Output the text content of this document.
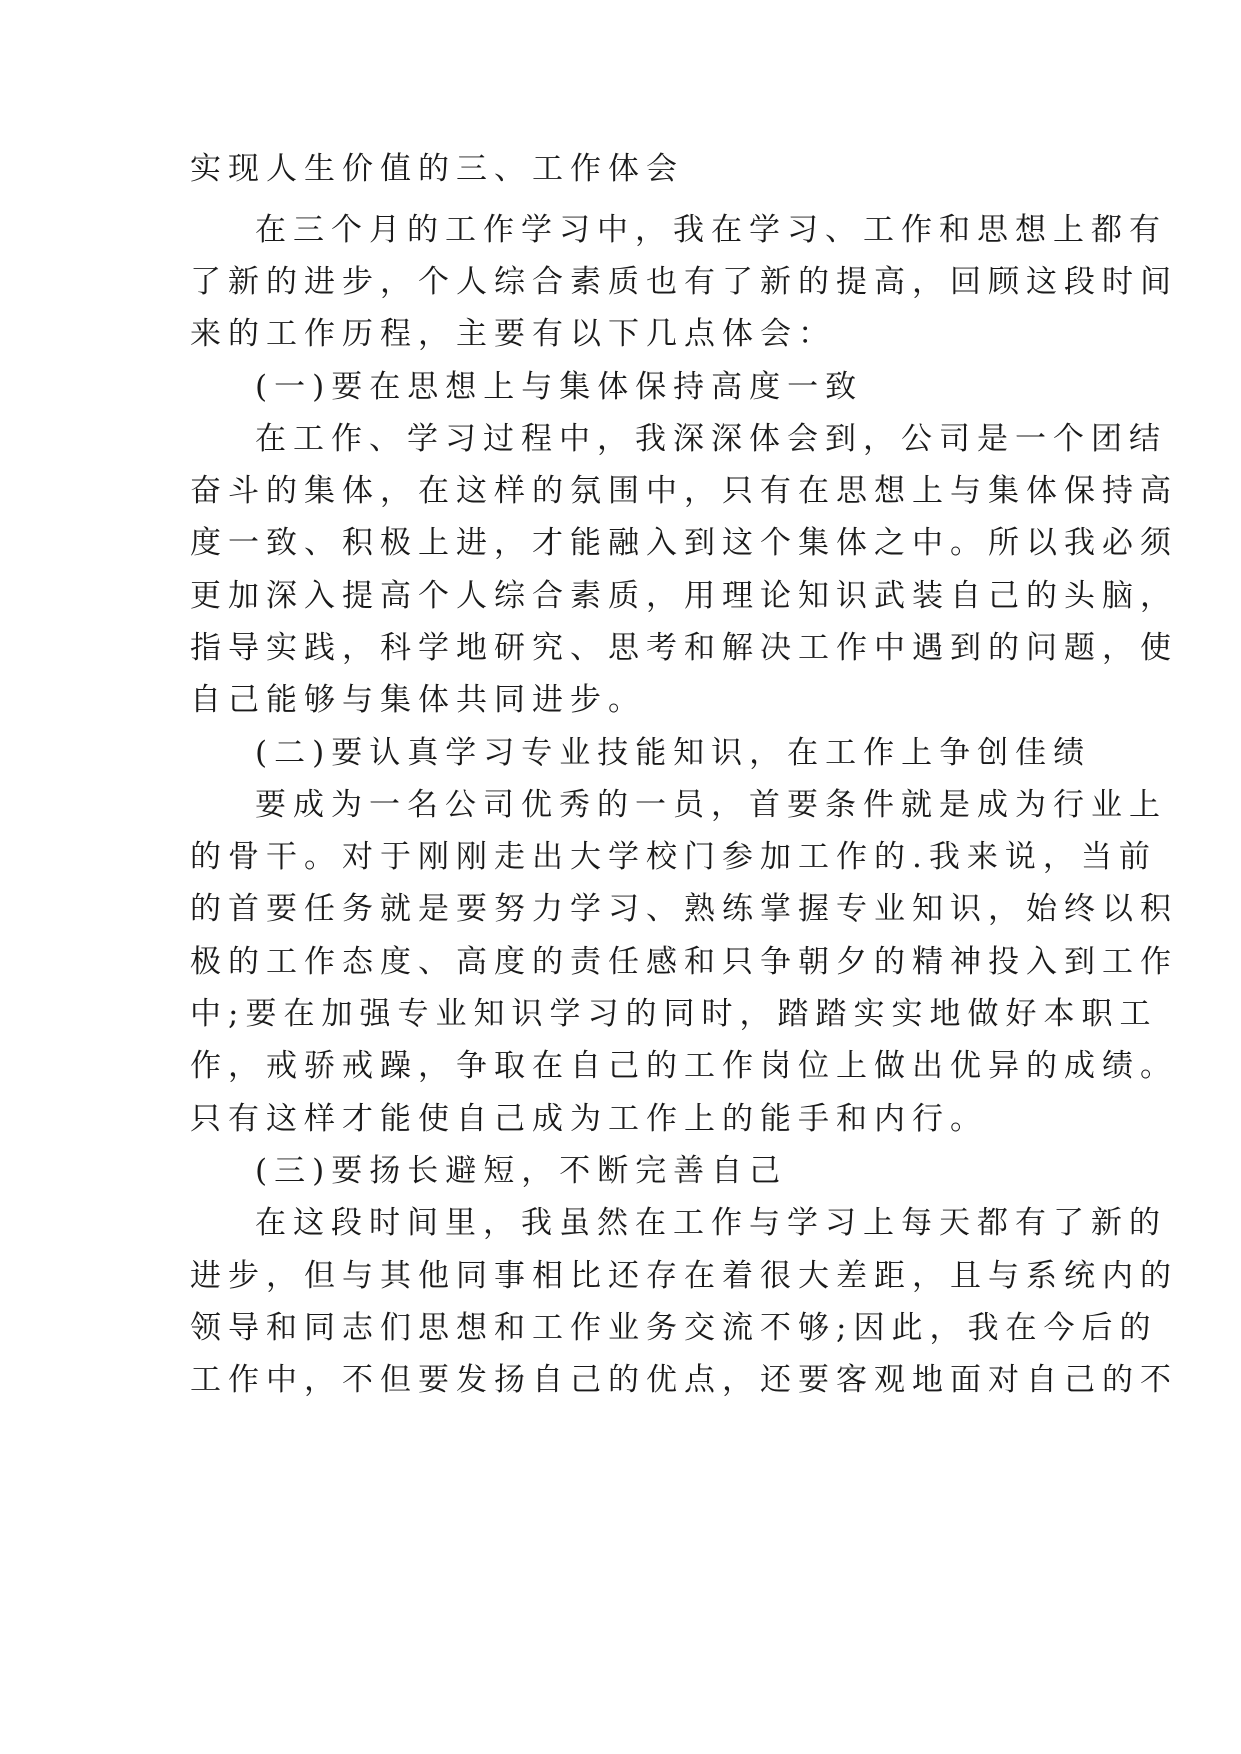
实现人生价值的三、工作体会
在三个月的工作学习中，我在学习、工作和思想上都有
了新的进步，个人综合素质也有了新的提高，回顾这段时间
来的工作历程，主要有以下几点体会：
(一)要在思想上与集体保持高度一致
在工作、学习过程中，我深深体会到，公司是一个团结
奋斗的集体，在这样的氛围中，只有在思想上与集体保持高
度一致、积极上进，才能融入到这个集体之中。所以我必须
更加深入提高个人综合素质，用理论知识武装自己的头脑，
指导实践，科学地研究、思考和解决工作中遇到的问题，使
自己能够与集体共同进步。
(二)要认真学习专业技能知识，在工作上争创佳绩
要成为一名公司优秀的一员，首要条件就是成为行业上
的骨干。对于刚刚走出大学校门参加工作的.我来说，当前
的首要任务就是要努力学习、熟练掌握专业知识，始终以积
极的工作态度、高度的责任感和只争朝夕的精神投入到工作
中;要在加强专业知识学习的同时，踏踏实实地做好本职工
作，戒骄戒躁，争取在自己的工作岗位上做出优异的成绩。
只有这样才能使自己成为工作上的能手和内行。
(三)要扬长避短，不断完善自己
在这段时间里，我虽然在工作与学习上每天都有了新的
进步，但与其他同事相比还存在着很大差距，且与系统内的
领导和同志们思想和工作业务交流不够;因此，我在今后的
工作中，不但要发扬自己的优点，还要客观地面对自己的不
